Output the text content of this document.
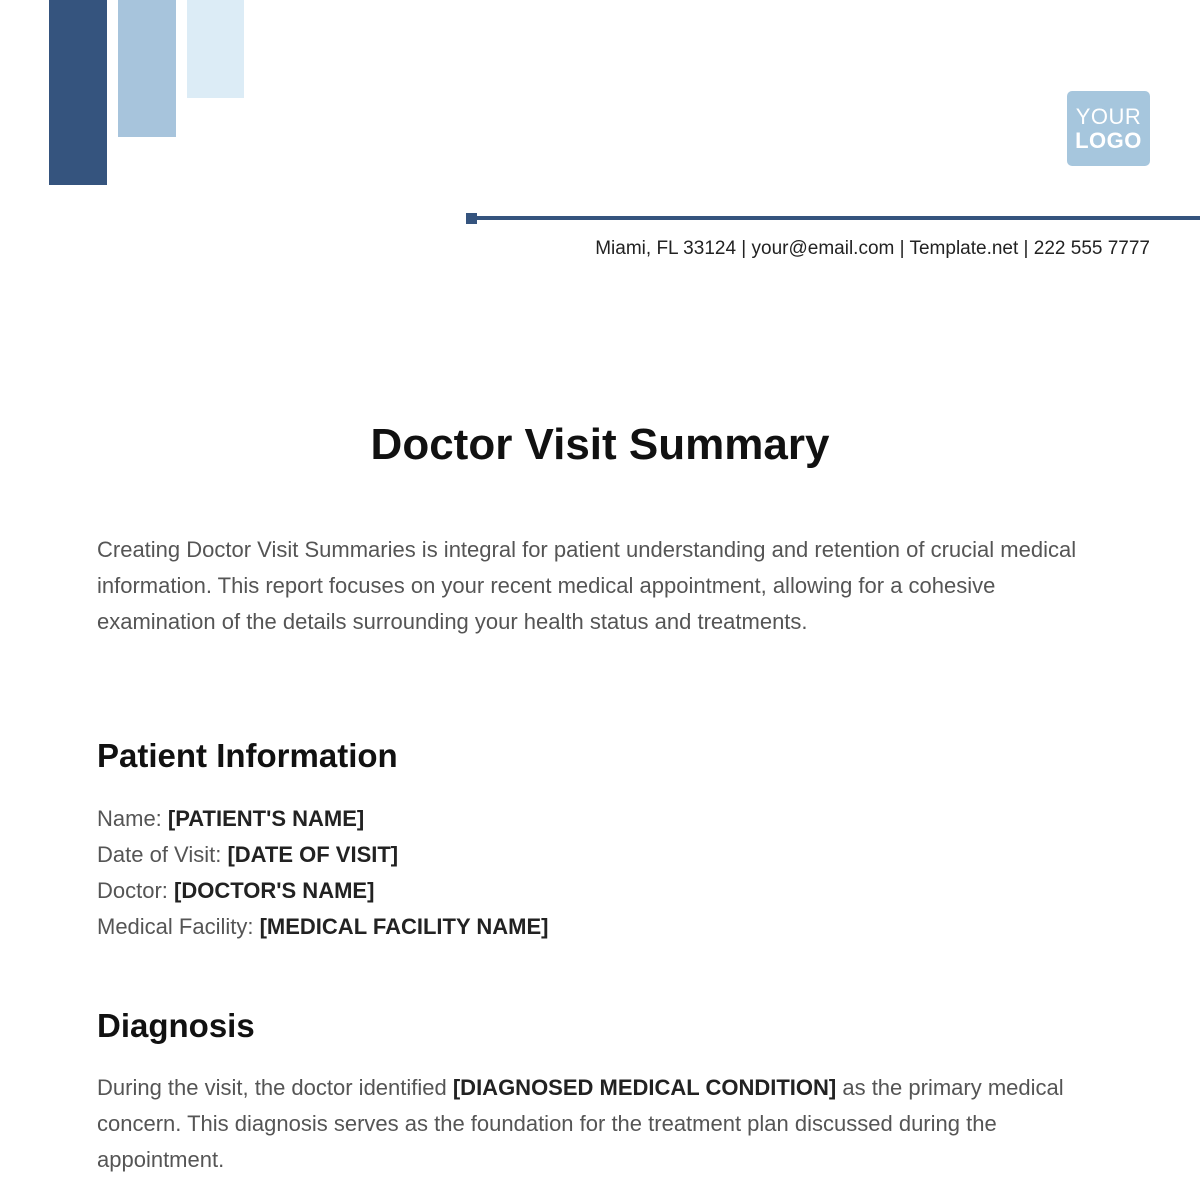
YOUR
LOGO
Miami, FL 33124 | your@email.com | Template.net | 222 555 7777
Doctor Visit Summary
Creating Doctor Visit Summaries is integral for patient understanding and retention of crucial medical information. This report focuses on your recent medical appointment, allowing for a cohesive examination of the details surrounding your health status and treatments.
Patient Information
Name: [PATIENT'S NAME]
Date of Visit: [DATE OF VISIT]
Doctor: [DOCTOR'S NAME]
Medical Facility: [MEDICAL FACILITY NAME]
Diagnosis
During the visit, the doctor identified [DIAGNOSED MEDICAL CONDITION] as the primary medical concern. This diagnosis serves as the foundation for the treatment plan discussed during the appointment.
